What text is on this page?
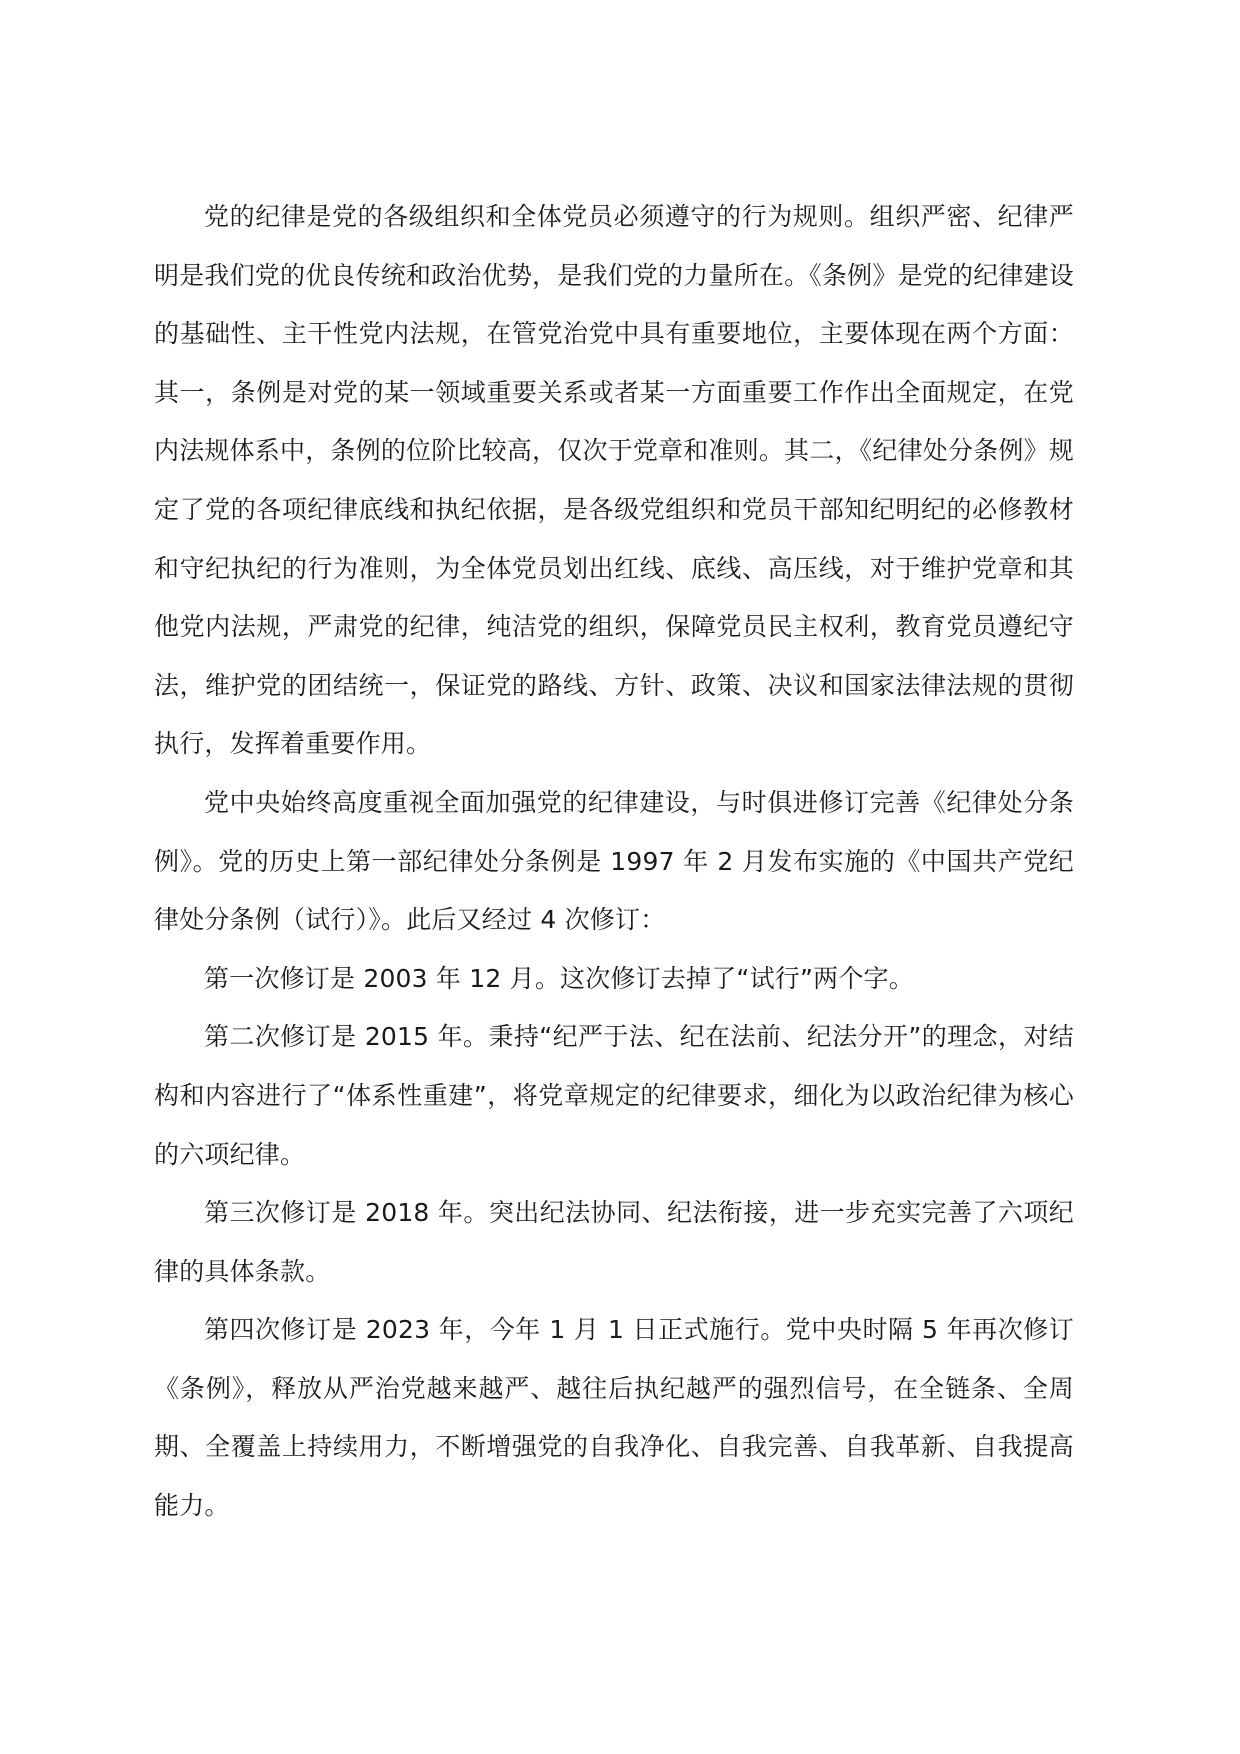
党的纪律是党的各级组织和全体党员必须遵守的行为规则。组织严密、纪律严明是我们党的优良传统和政治优势，是我们党的力量所在。《条例》是党的纪律建设的基础性、主干性党内法规，在管党治党中具有重要地位，主要体现在两个方面：其一，条例是对党的某一领域重要关系或者某一方面重要工作作出全面规定，在党内法规体系中，条例的位阶比较高，仅次于党章和准则。其二，《纪律处分条例》规定了党的各项纪律底线和执纪依据，是各级党组织和党员干部知纪明纪的必修教材和守纪执纪的行为准则，为全体党员划出红线、底线、高压线，对于维护党章和其他党内法规，严肃党的纪律，纯洁党的组织，保障党员民主权利，教育党员遵纪守法，维护党的团结统一，保证党的路线、方针、政策、决议和国家法律法规的贯彻执行，发挥着重要作用。

党中央始终高度重视全面加强党的纪律建设，与时俱进修订完善《纪律处分条例》。党的历史上第一部纪律处分条例是 1997 年 2 月发布实施的《中国共产党纪律处分条例（试行）》。此后又经过 4 次修订：

第一次修订是 2003 年 12 月。这次修订去掉了“试行”两个字。

第二次修订是 2015 年。秉持“纪严于法、纪在法前、纪法分开”的理念，对结构和内容进行了“体系性重建”，将党章规定的纪律要求，细化为以政治纪律为核心的六项纪律。

第三次修订是 2018 年。突出纪法协同、纪法衔接，进一步充实完善了六项纪律的具体条款。

第四次修订是 2023 年，今年 1 月 1 日正式施行。党中央时隔 5 年再次修订《条例》，释放从严治党越来越严、越往后执纪越严的强烈信号，在全链条、全周期、全覆盖上持续用力，不断增强党的自我净化、自我完善、自我革新、自我提高能力。
